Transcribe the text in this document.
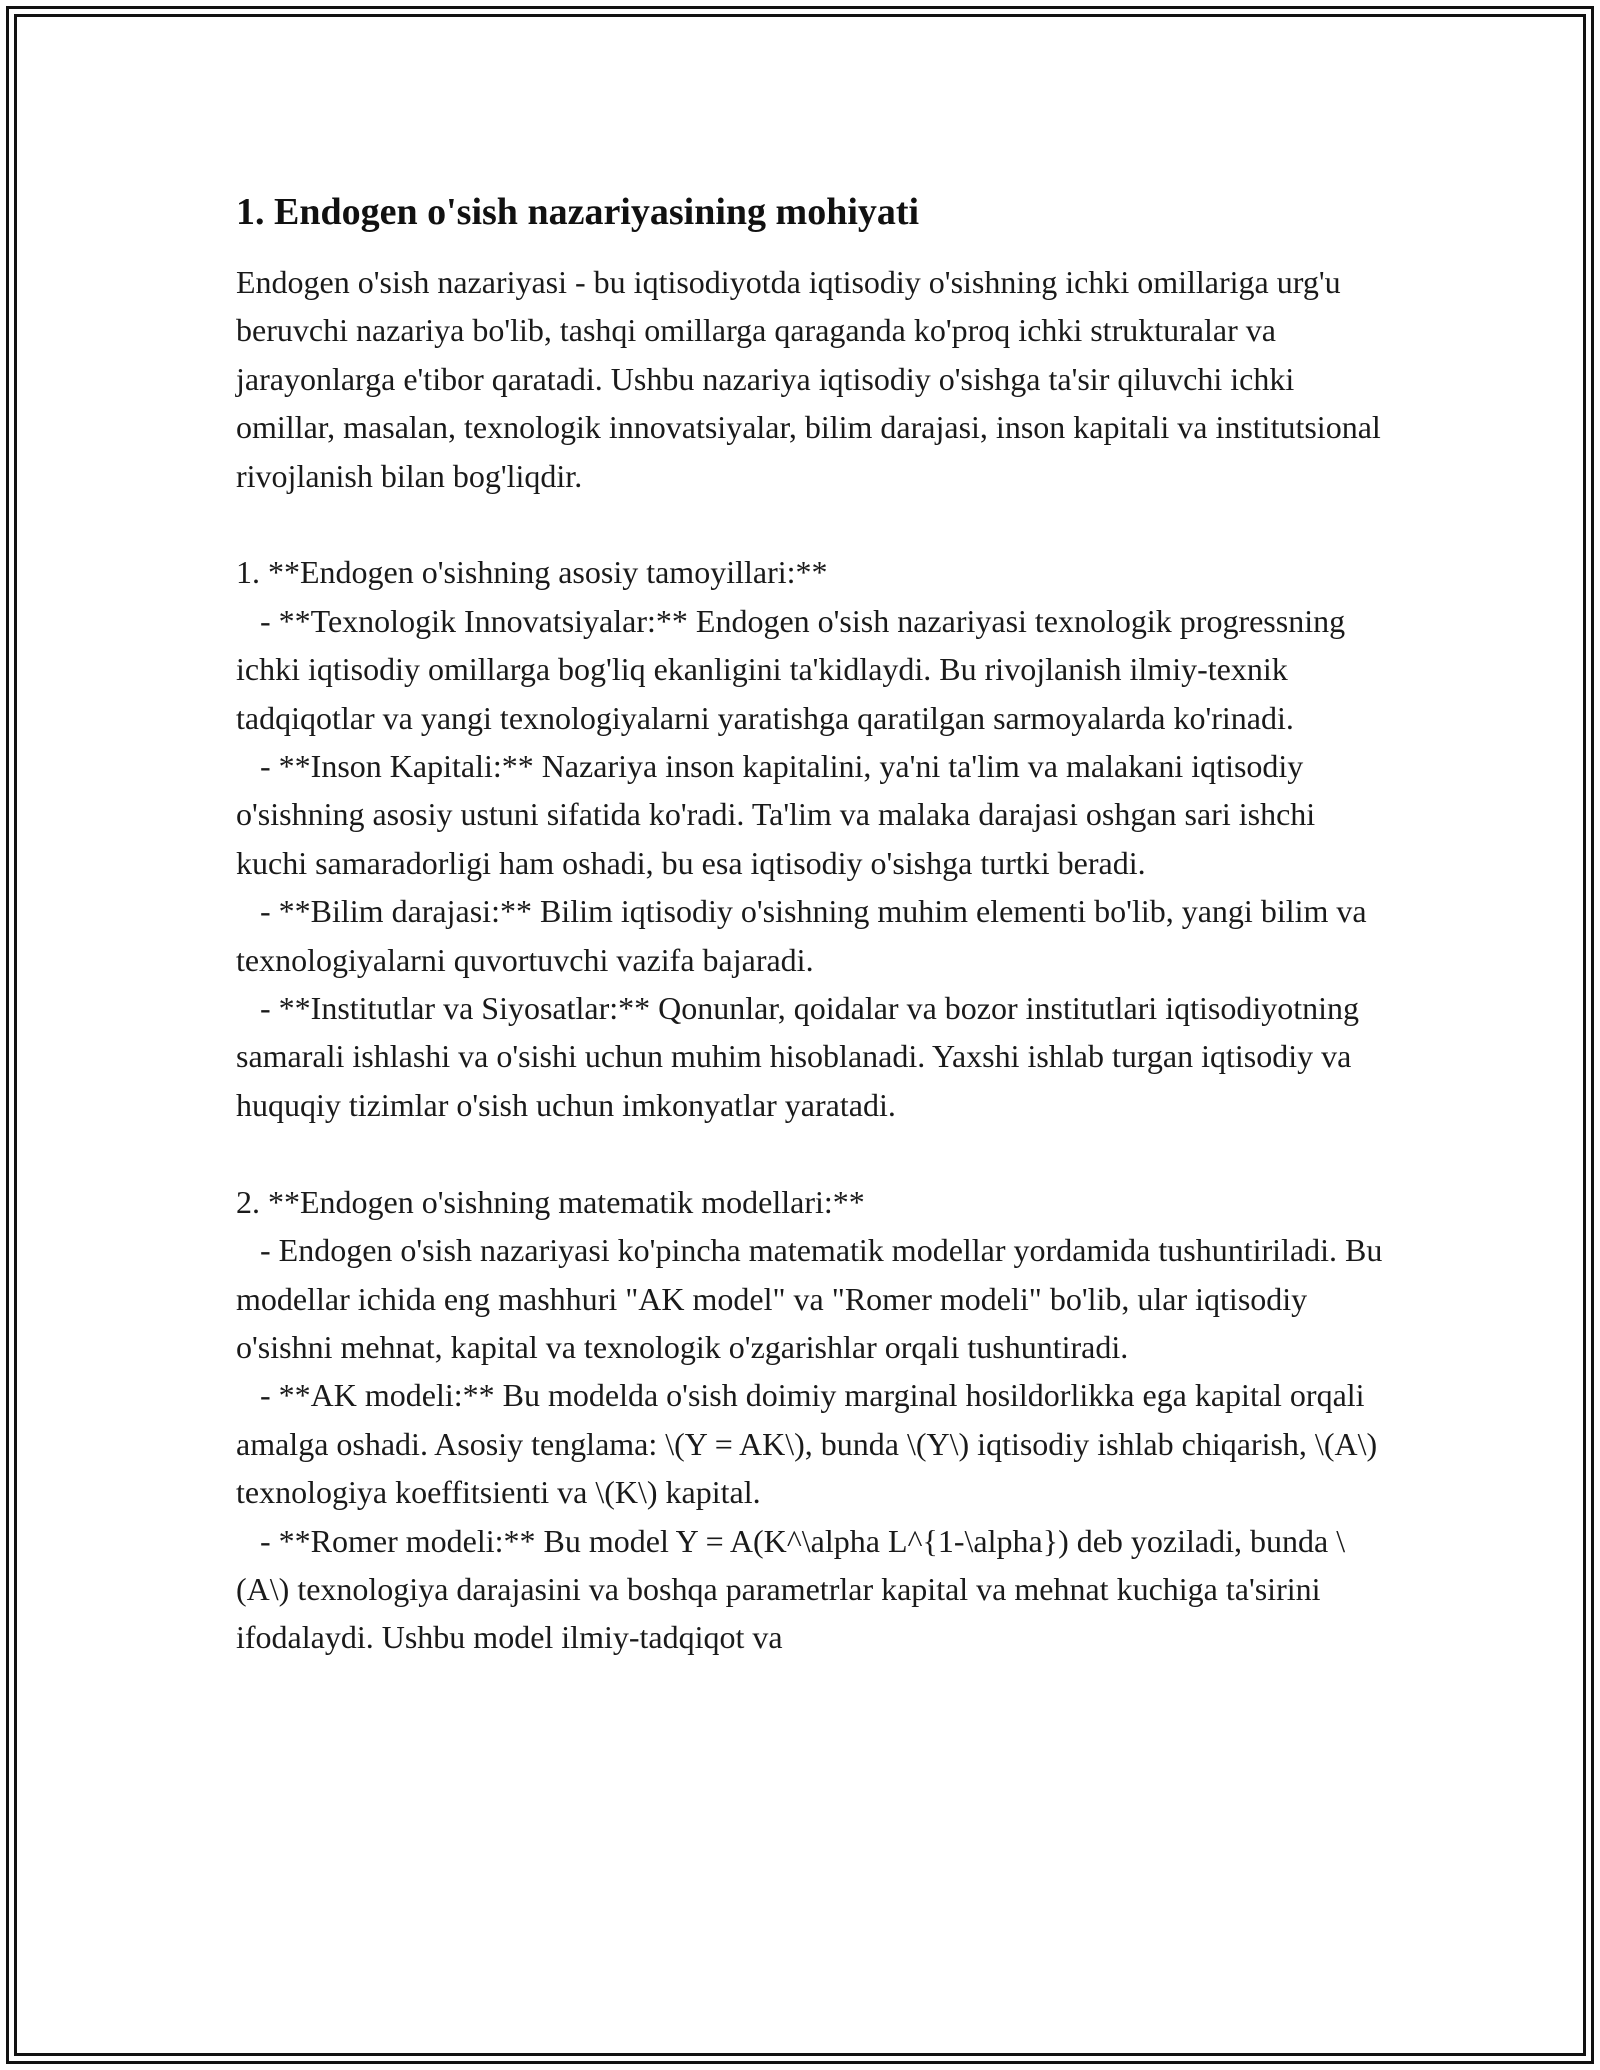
1. Endogen o'sish nazariyasining mohiyati

Endogen o'sish nazariyasi - bu iqtisodiyotda iqtisodiy o'sishning ichki omillariga urg'u beruvchi nazariya bo'lib, tashqi omillarga qaraganda ko'proq ichki strukturalar va jarayonlarga e'tibor qaratadi. Ushbu nazariya iqtisodiy o'sishga ta'sir qiluvchi ichki omillar, masalan, texnologik innovatsiyalar, bilim darajasi, inson kapitali va institutsional rivojlanish bilan bog'liqdir.

1. **Endogen o'sishning asosiy tamoyillari:**

- **Texnologik Innovatsiyalar:** Endogen o'sish nazariyasi texnologik progressning ichki iqtisodiy omillarga bog'liq ekanligini ta'kidlaydi. Bu rivojlanish ilmiy-texnik tadqiqotlar va yangi texnologiyalarni yaratishga qaratilgan sarmoyalarda ko'rinadi.

- **Inson Kapitali:** Nazariya inson kapitalini, ya'ni ta'lim va malakani iqtisodiy o'sishning asosiy ustuni sifatida ko'radi. Ta'lim va malaka darajasi oshgan sari ishchi kuchi samaradorligi ham oshadi, bu esa iqtisodiy o'sishga turtki beradi.

- **Bilim darajasi:** Bilim iqtisodiy o'sishning muhim elementi bo'lib, yangi bilim va texnologiyalarni quvortuvchi vazifa bajaradi.

- **Institutlar va Siyosatlar:** Qonunlar, qoidalar va bozor institutlari iqtisodiyotning samarali ishlashi va o'sishi uchun muhim hisoblanadi. Yaxshi ishlab turgan iqtisodiy va huquqiy tizimlar o'sish uchun imkonyatlar yaratadi.

2. **Endogen o'sishning matematik modellari:**

- Endogen o'sish nazariyasi ko'pincha matematik modellar yordamida tushuntiriladi. Bu modellar ichida eng mashhuri "AK model" va "Romer modeli" bo'lib, ular iqtisodiy o'sishni mehnat, kapital va texnologik o'zgarishlar orqali tushuntiradi.

- **AK modeli:** Bu modelda o'sish doimiy marginal hosildorlikka ega kapital orqali amalga oshadi. Asosiy tenglama: \(Y = AK\), bunda \(Y\) iqtisodiy ishlab chiqarish, \(A\) texnologiya koeffitsienti va \(K\) kapital.

- **Romer modeli:** Bu model Y = A(K^\alpha L^{1-\alpha}) deb yoziladi, bunda \(A\) texnologiya darajasini va boshqa parametrlar kapital va mehnat kuchiga ta'sirini ifodalaydi. Ushbu model ilmiy-tadqiqot va
